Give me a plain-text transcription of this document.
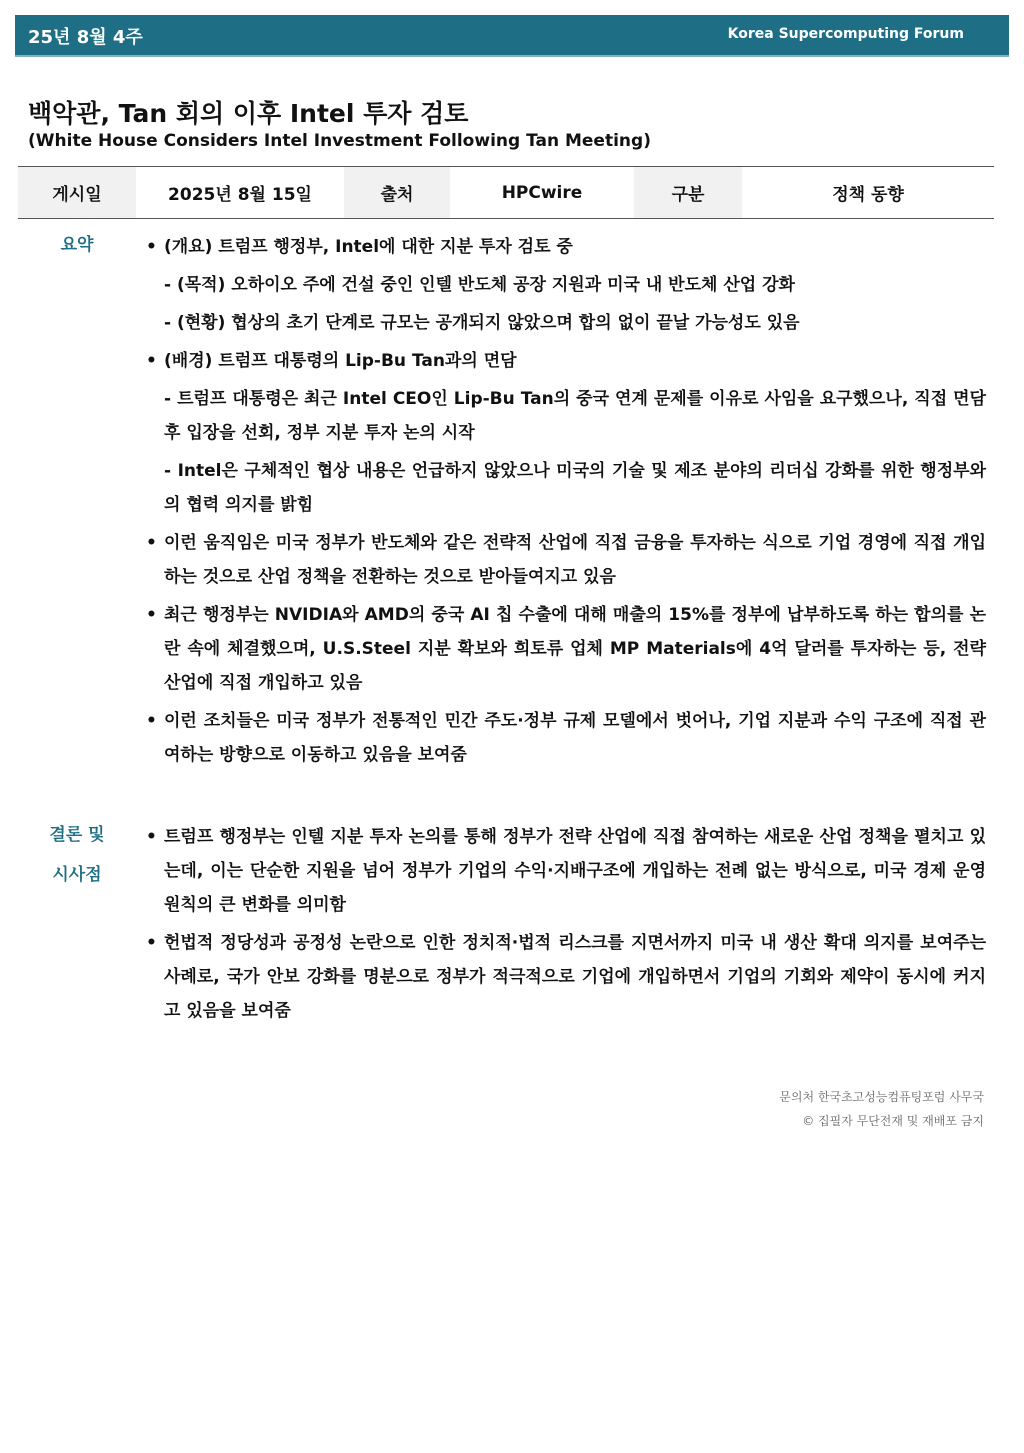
25년 8월 4주	Korea Supercomputing Forum
백악관, Tan 회의 이후 Intel 투자 검토
(White House Considers Intel Investment Following Tan Meeting)
게시일	2025년 8월 15일	출처	HPCwire	구분	정책 동향
요약
•	(개요) 트럼프 행정부, Intel에 대한 지분 투자 검토 중
- (목적) 오하이오 주에 건설 중인 인텔 반도체 공장 지원과 미국 내 반도체 산업 강화
- (현황) 협상의 초기 단계로 규모는 공개되지 않았으며 합의 없이 끝날 가능성도 있음
• (배경) 트럼프 대통령의 Lip-Bu Tan과의 면담
- 트럼프 대통령은 최근 Intel CEO인 Lip-Bu Tan의 중국 연계 문제를 이유로 사임을 요구했으나, 직접 면담 후 입장을 선회, 정부 지분 투자 논의 시작
- Intel은 구체적인 협상 내용은 언급하지 않았으나 미국의 기술 및 제조 분야의 리더십 강화를 위한 행정부와의 협력 의지를 밝힘
• 이런 움직임은 미국 정부가 반도체와 같은 전략적 산업에 직접 금융을 투자하는 식으로 기업 경영에 직접 개입하는 것으로 산업 정책을 전환하는 것으로 받아들여지고 있음
• 최근 행정부는 NVIDIA와 AMD의 중국 AI 칩 수출에 대해 매출의 15%를 정부에 납부하도록 하는 합의를 논란 속에 체결했으며, U.S.Steel 지분 확보와 희토류 업체 MP Materials에 4억 달러를 투자하는 등, 전략 산업에 직접 개입하고 있음
• 이런 조치들은 미국 정부가 전통적인 민간 주도·정부 규제 모델에서 벗어나, 기업 지분과 수익 구조에 직접 관여하는 방향으로 이동하고 있음을 보여줌
결론 및
시사점
• 트럼프 행정부는 인텔 지분 투자 논의를 통해 정부가 전략 산업에 직접 참여하는 새로운 산업 정책을 펼치고 있는데, 이는 단순한 지원을 넘어 정부가 기업의 수익·지배구조에 개입하는 전례 없는 방식으로, 미국 경제 운영 원칙의 큰 변화를 의미함
• 헌법적 정당성과 공정성 논란으로 인한 정치적·법적 리스크를 지면서까지 미국 내 생산 확대 의지를 보여주는 사례로, 국가 안보 강화를 명분으로 정부가 적극적으로 기업에 개입하면서 기업의 기회와 제약이 동시에 커지고 있음을 보여줌
문의처 한국초고성능컴퓨팅포럼 사무국
© 집필자 무단전재 및 재배포 금지
